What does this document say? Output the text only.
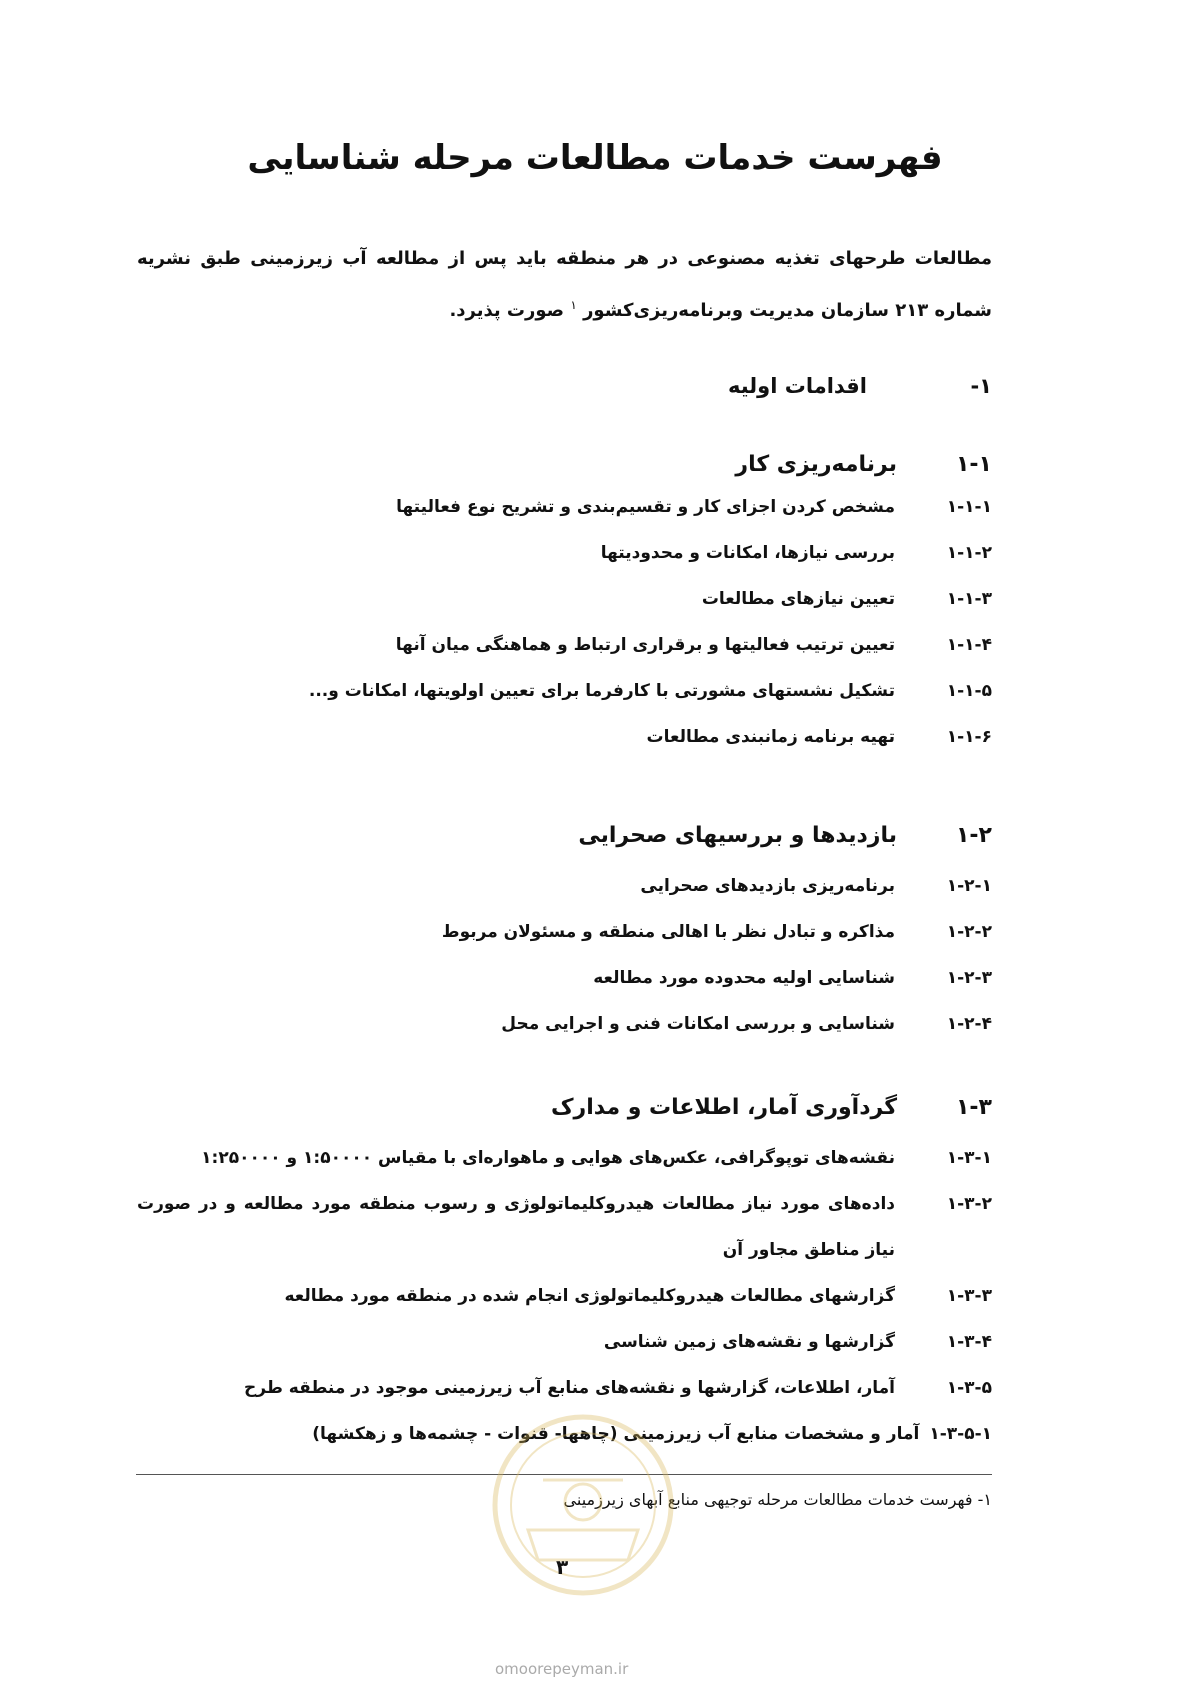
فهرست خدمات مطالعات مرحله شناسایی
مطالعات طرحهای تغذیه مصنوعی در هر منطقه باید پس از مطالعه آب زیرزمینی طبق نشریه شماره ۲۱۳ سازمان مدیریت وبرنامه‌ریزی‌کشور $^۱$ صورت پذیرد.
۱-
اقدامات اولیه
۱-۱
برنامه‌ریزی کار
۱-۱-۱
مشخص کردن اجزای کار و تقسیم‌بندی و تشریح نوع فعالیتها
۱-۱-۲
بررسی نیازها، امکانات و محدودیتها
۱-۱-۳
تعیین نیازهای مطالعات
۱-۱-۴
تعیین ترتیب فعالیتها و برقراری ارتباط و هماهنگی میان آنها
۱-۱-۵
تشکیل نشستهای مشورتی با کارفرما برای تعیین اولویتها، امکانات و...
۱-۱-۶
تهیه برنامه زمانبندی مطالعات
۱-۲
بازدیدها و بررسیهای صحرایی
۱-۲-۱
برنامه‌ریزی بازدیدهای صحرایی
۱-۲-۲
مذاکره و تبادل نظر با اهالی منطقه و مسئولان مربوط
۱-۲-۳
شناسایی اولیه محدوده مورد مطالعه
۱-۲-۴
شناسایی و بررسی امکانات فنی و اجرایی محل
۱-۳
گردآوری آمار، اطلاعات و مدارک
۱-۳-۱
نقشه‌های توپوگرافی، عکس‌های هوایی و ماهواره‌ای با مقیاس ۱:۵۰۰۰۰ و ۱:۲۵۰۰۰۰
۱-۳-۲
داده‌های مورد نیاز مطالعات هیدروکلیماتولوژی و رسوب منطقه مورد مطالعه و در صورت نیاز مناطق مجاور آن
۱-۳-۳
گزارشهای مطالعات هیدروکلیماتولوژی انجام شده در منطقه مورد مطالعه
۱-۳-۴
گزارشها و نقشه‌های زمین شناسی
۱-۳-۵
آمار، اطلاعات، گزارشها و نقشه‌های منابع آب زیرزمینی موجود در منطقه طرح
۱-۳-۵-۱
آمار و مشخصات منابع آب زیرزمینی (چاهها- قنوات - چشمه‌ها و زهکشها)
۱- فهرست خدمات مطالعات مرحله توجیهی منابع آبهای زیرزمینی
۳
omoorepeyman.ir
